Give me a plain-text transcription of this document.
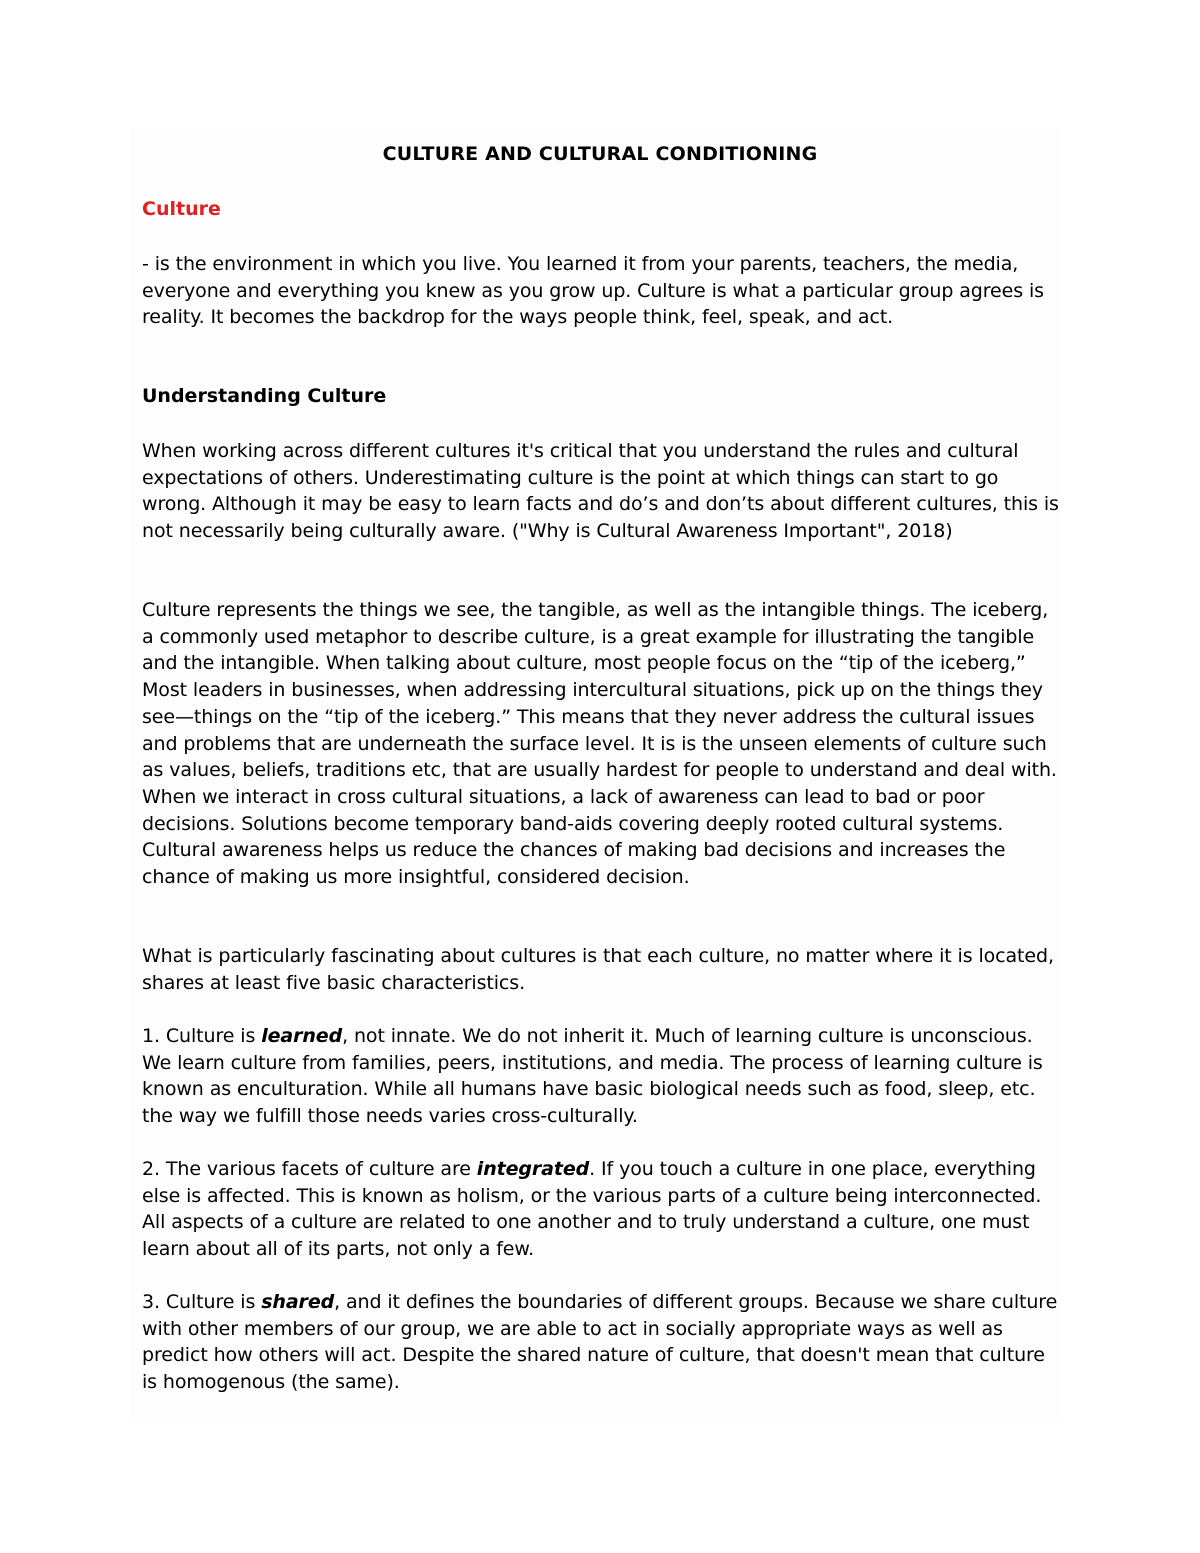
CULTURE AND CULTURAL CONDITIONING
Culture

- is the environment in which you live. You learned it from your parents, teachers, the media, everyone and everything you knew as you grow up. Culture is what a particular group agrees is reality. It becomes the backdrop for the ways people think, feel, speak, and act.

Understanding Culture

When working across different cultures it's critical that you understand the rules and cultural expectations of others. Underestimating culture is the point at which things can start to go wrong. Although it may be easy to learn facts and do’s and don’ts about different cultures, this is not necessarily being culturally aware. ("Why is Cultural Awareness Important", 2018)

Culture represents the things we see, the tangible, as well as the intangible things. The iceberg, a commonly used metaphor to describe culture, is a great example for illustrating the tangible and the intangible. When talking about culture, most people focus on the “tip of the iceberg,” Most leaders in businesses, when addressing intercultural situations, pick up on the things they see—things on the “tip of the iceberg.” This means that they never address the cultural issues and problems that are underneath the surface level. It is is the unseen elements of culture such as values, beliefs, traditions etc, that are usually hardest for people to understand and deal with. When we interact in cross cultural situations, a lack of awareness can lead to bad or poor decisions. Solutions become temporary band-aids covering deeply rooted cultural systems. Cultural awareness helps us reduce the chances of making bad decisions and increases the chance of making us more insightful, considered decision.

What is particularly fascinating about cultures is that each culture, no matter where it is located, shares at least five basic characteristics.

1. Culture is learned, not innate. We do not inherit it. Much of learning culture is unconscious. We learn culture from families, peers, institutions, and media. The process of learning culture is known as enculturation. While all humans have basic biological needs such as food, sleep, etc. the way we fulfill those needs varies cross-culturally.

2. The various facets of culture are integrated. If you touch a culture in one place, everything else is affected. This is known as holism, or the various parts of a culture being interconnected. All aspects of a culture are related to one another and to truly understand a culture, one must learn about all of its parts, not only a few.

3. Culture is shared, and it defines the boundaries of different groups. Because we share culture with other members of our group, we are able to act in socially appropriate ways as well as predict how others will act. Despite the shared nature of culture, that doesn't mean that culture is homogenous (the same).
